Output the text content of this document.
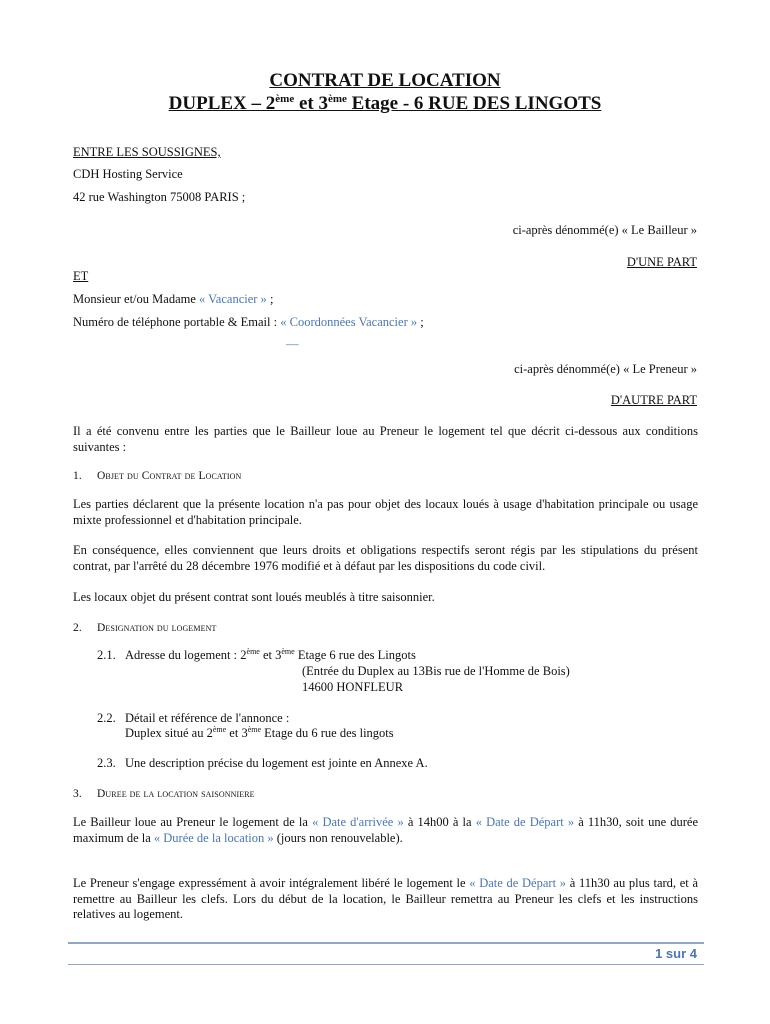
CONTRAT DE LOCATION
DUPLEX – 2ème et 3ème Etage - 6 RUE DES LINGOTS
ENTRE LES SOUSSIGNES,
CDH Hosting Service
42 rue Washington 75008 PARIS ;
ci-après dénommé(e) « Le Bailleur »
D'UNE PART
ET
Monsieur et/ou Madame « Vacancier » ;
Numéro de téléphone portable & Email : « Coordonnées Vacancier » ;
—
ci-après dénommé(e) « Le Preneur »
D'AUTRE PART
Il a été convenu entre les parties que le Bailleur loue au Preneur le logement tel que décrit ci-dessous aux conditions suivantes :
1. Objet du Contrat de Location
Les parties déclarent que la présente location n'a pas pour objet des locaux loués à usage d'habitation principale ou usage mixte professionnel et d'habitation principale.
En conséquence, elles conviennent que leurs droits et obligations respectifs seront régis par les stipulations du présent contrat, par l'arrêté du 28 décembre 1976 modifié et à défaut par les dispositions du code civil.
Les locaux objet du présent contrat sont loués meublés à titre saisonnier.
2. Designation du logement
2.1. Adresse du logement : 2ème et 3ème Etage 6 rue des Lingots
(Entrée du Duplex au 13Bis rue de l'Homme de Bois)
14600 HONFLEUR
2.2. Détail et référence de l'annonce :
Duplex situé au 2ème et 3ème Etage du 6 rue des lingots
2.3. Une description précise du logement est jointe en Annexe A.
3. Duree de la location saisonniere
Le Bailleur loue au Preneur le logement de la « Date d'arrivée » à 14h00 à la « Date de Départ » à 11h30, soit une durée maximum de la « Durée de la location » (jours non renouvelable).
Le Preneur s'engage expressément à avoir intégralement libéré le logement le « Date de Départ » à 11h30 au plus tard, et à remettre au Bailleur les clefs. Lors du début de la location, le Bailleur remettra au Preneur les clefs et les instructions relatives au logement.
1 sur 4
